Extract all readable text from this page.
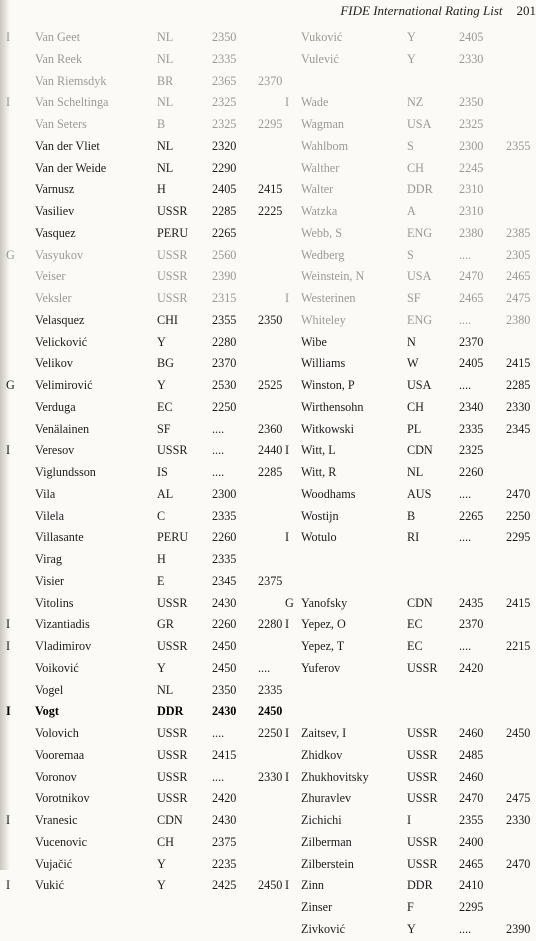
FIDE International Rating List 201
I Van Geet	NL	2350
Van Reek	NL	2335
Van Riemsdyk	BR	2365 2370
I Van Scheltinga	NL	2325
Van Seters	B	2325 2295
Van der Vliet	NL	2320
Van der Weide	NL	2290
Varnusz	H	2405 2415
Vasiliev	USSR 2285 2225
Vasquez	PERU 2265
G Vasyukov	USSR 2560
Veiser	USSR 2390
Veksler	USSR 2315
Velasquez	CHI	2355 2350
Velicković	Y	2280
Velikov	BG	2370
G Velimirović	Y	2530 2525
Verduga	EC	2250
Venälainen	SF	....	2360
I Veresov	USSR ....	2440
Viglundsson	IS	....	2285
Vila	AL	2300
Vilela	C	2335
Villasante	PERU 2260
Virag	H	2335
Visier	E	2345 2375
Vitolins	USSR 2430
I Vizantiadis	GR	2260 2280
I Vladimirov	USSR 2450
Voiković	Y	2450 ....
Vogel	NL	2350 2335
I Vogt	DDR 2430 2450
Volovich	USSR ....	2250
Vooremaa	USSR 2415
Voronov	USSR ....	2330
Vorotnikov	USSR 2420
I Vranesic	CDN 2430
Vucenovic	CH	2375
Vujačić	Y	2235
I Vukić	Y	2425 2450
Vuković	Y	2405
Vulević	Y	2330
I Wade	NZ	2350
Wagman	USA 2325
Wahlbom	S	2300 2355
Walther	CH	2245
Walter	DDR 2310
Watzka	A	2310
Webb, S	ENG 2380 2385
Wedberg	S	....	2305
Weinstein, N	USA 2470 2465
I Westerinen	SF	2465 2475
Whiteley	ENG ....	2380
Wibe	N	2370
Williams	W	2405 2415
Winston, P	USA ....	2285
Wirthensohn	CH	2340 2330
Witkowski	PL	2335 2345
I Witt, L	CDN 2325
Witt, R	NL	2260
Woodhams	AUS ....	2470
Wostijn	B	2265 2250
I Wotulo	RI	....	2295
G Yanofsky	CDN 2435 2415
I Yepez, O	EC	2370
Yepez, T	EC	....	2215
Yuferov	USSR 2420
I Zaitsev, I	USSR 2460 2450
Zhidkov	USSR 2485
I Zhukhovitsky	USSR 2460
Zhuravlev	USSR 2470 2475
Zichichi	I	2355 2330
Zilberman	USSR 2400
Zilberstein	USSR 2465 2470
I Zinn	DDR 2410
Zinser	F	2295
Zivković	Y	....	2390
